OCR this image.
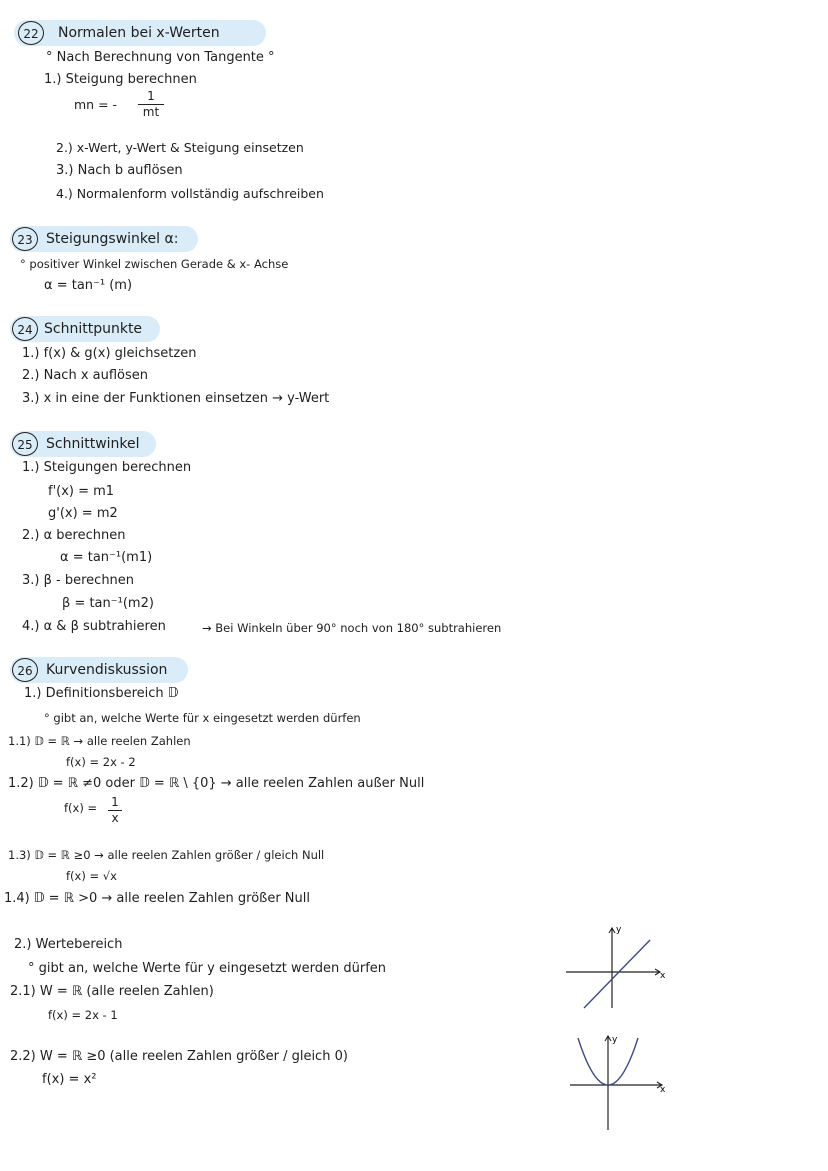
22	Normalen bei x-Werten
° Nach Berechnung von Tangente °
1.) Steigung berechnen
mn = -
1
mt
2.) x-Wert, y-Wert & Steigung einsetzen
3.) Nach b auflösen
4.) Normalenform vollständig aufschreiben
23 Steigungswinkel α:
° positiver Winkel zwischen Gerade & x- Achse
α = tan⁻¹ (m)
24 Schnittpunkte
1.) f(x) & g(x) gleichsetzen
2.) Nach x auflösen
3.) x in eine der Funktionen einsetzen → y-Wert
25 Schnittwinkel
1.) Steigungen berechnen
f'(x) = m1
g'(x) = m2
2.) α berechnen
α = tan⁻¹(m1)
3.) β - berechnen
β = tan⁻¹(m2)
4.) α & β subtrahieren	→ Bei Winkeln über 90° noch von 180° subtrahieren
26 Kurvendiskussion
1.) Definitionsbereich 𝔻
° gibt an, welche Werte für x eingesetzt werden dürfen
1.1) 𝔻 = ℝ → alle reelen Zahlen
f(x) = 2x - 2
1.2) 𝔻 = ℝ ≠0 oder 𝔻 = ℝ \ {0} → alle reelen Zahlen außer Null
f(x) = 1
x
1.3) 𝔻 = ℝ ≥0 → alle reelen Zahlen größer / gleich Null
f(x) = √x
1.4) 𝔻 = ℝ >0 → alle reelen Zahlen größer Null
2.) Wertebereich
° gibt an, welche Werte für y eingesetzt werden dürfen
2.1) W = ℝ (alle reelen Zahlen)
f(x) = 2x - 1
2.2) W = ℝ ≥0 (alle reelen Zahlen größer / gleich 0)
f(x) = x²
x
y
x
y
